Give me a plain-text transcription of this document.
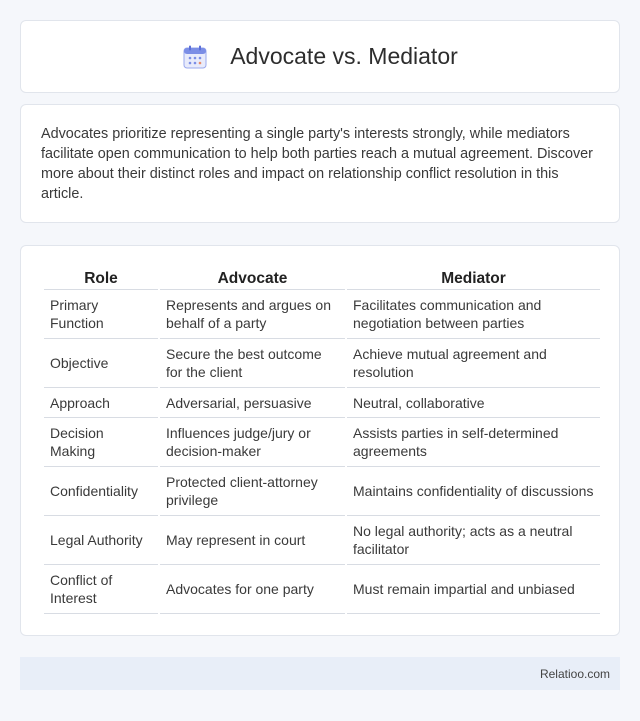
Advocate vs. Mediator

Advocates prioritize representing a single party's interests strongly, while mediators facilitate open communication to help both parties reach a mutual agreement. Discover more about their distinct roles and impact on relationship conflict resolution in this article.

Role	Advocate	Mediator
Primary Function	Represents and argues on behalf of a party	Facilitates communication and negotiation between parties
Objective	Secure the best outcome for the client	Achieve mutual agreement and resolution
Approach	Adversarial, persuasive	Neutral, collaborative
Decision Making	Influences judge/jury or decision-maker	Assists parties in self-determined agreements
Confidentiality	Protected client-attorney privilege	Maintains confidentiality of discussions
Legal Authority	May represent in court	No legal authority; acts as a neutral facilitator
Conflict of Interest	Advocates for one party	Must remain impartial and unbiased
Relatioo.com
